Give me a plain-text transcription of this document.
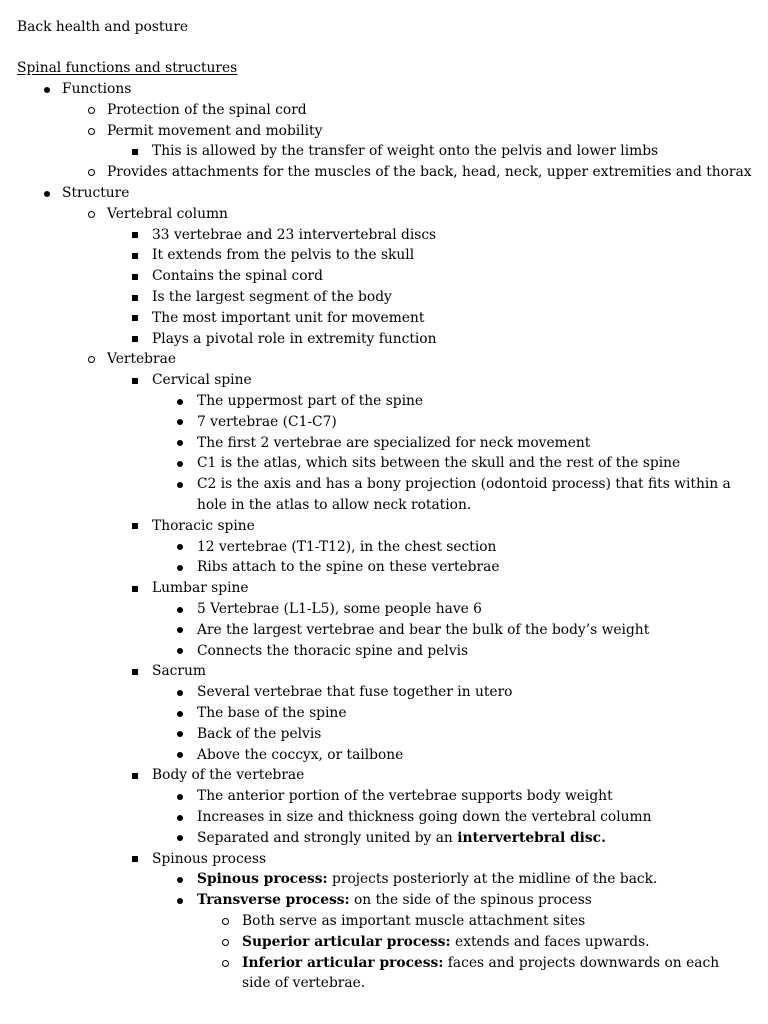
Back health and posture
Spinal functions and structures
Functions
Protection of the spinal cord
Permit movement and mobility
This is allowed by the transfer of weight onto the pelvis and lower limbs
Provides attachments for the muscles of the back, head, neck, upper extremities and thorax
Structure
Vertebral column
33 vertebrae and 23 intervertebral discs
It extends from the pelvis to the skull
Contains the spinal cord
Is the largest segment of the body
The most important unit for movement
Plays a pivotal role in extremity function
Vertebrae
Cervical spine
The uppermost part of the spine
7 vertebrae (C1-C7)
The first 2 vertebrae are specialized for neck movement
C1 is the atlas, which sits between the skull and the rest of the spine
C2 is the axis and has a bony projection (odontoid process) that fits within a hole in the atlas to allow neck rotation.
Thoracic spine
12 vertebrae (T1-T12), in the chest section
Ribs attach to the spine on these vertebrae
Lumbar spine
5 Vertebrae (L1-L5), some people have 6
Are the largest vertebrae and bear the bulk of the body’s weight
Connects the thoracic spine and pelvis
Sacrum
Several vertebrae that fuse together in utero
The base of the spine
Back of the pelvis
Above the coccyx, or tailbone
Body of the vertebrae
The anterior portion of the vertebrae supports body weight
Increases in size and thickness going down the vertebral column
Separated and strongly united by an intervertebral disc.
Spinous process
Spinous process: projects posteriorly at the midline of the back.
Transverse process: on the side of the spinous process
Both serve as important muscle attachment sites
Superior articular process: extends and faces upwards.
Inferior articular process: faces and projects downwards on each side of vertebrae.
